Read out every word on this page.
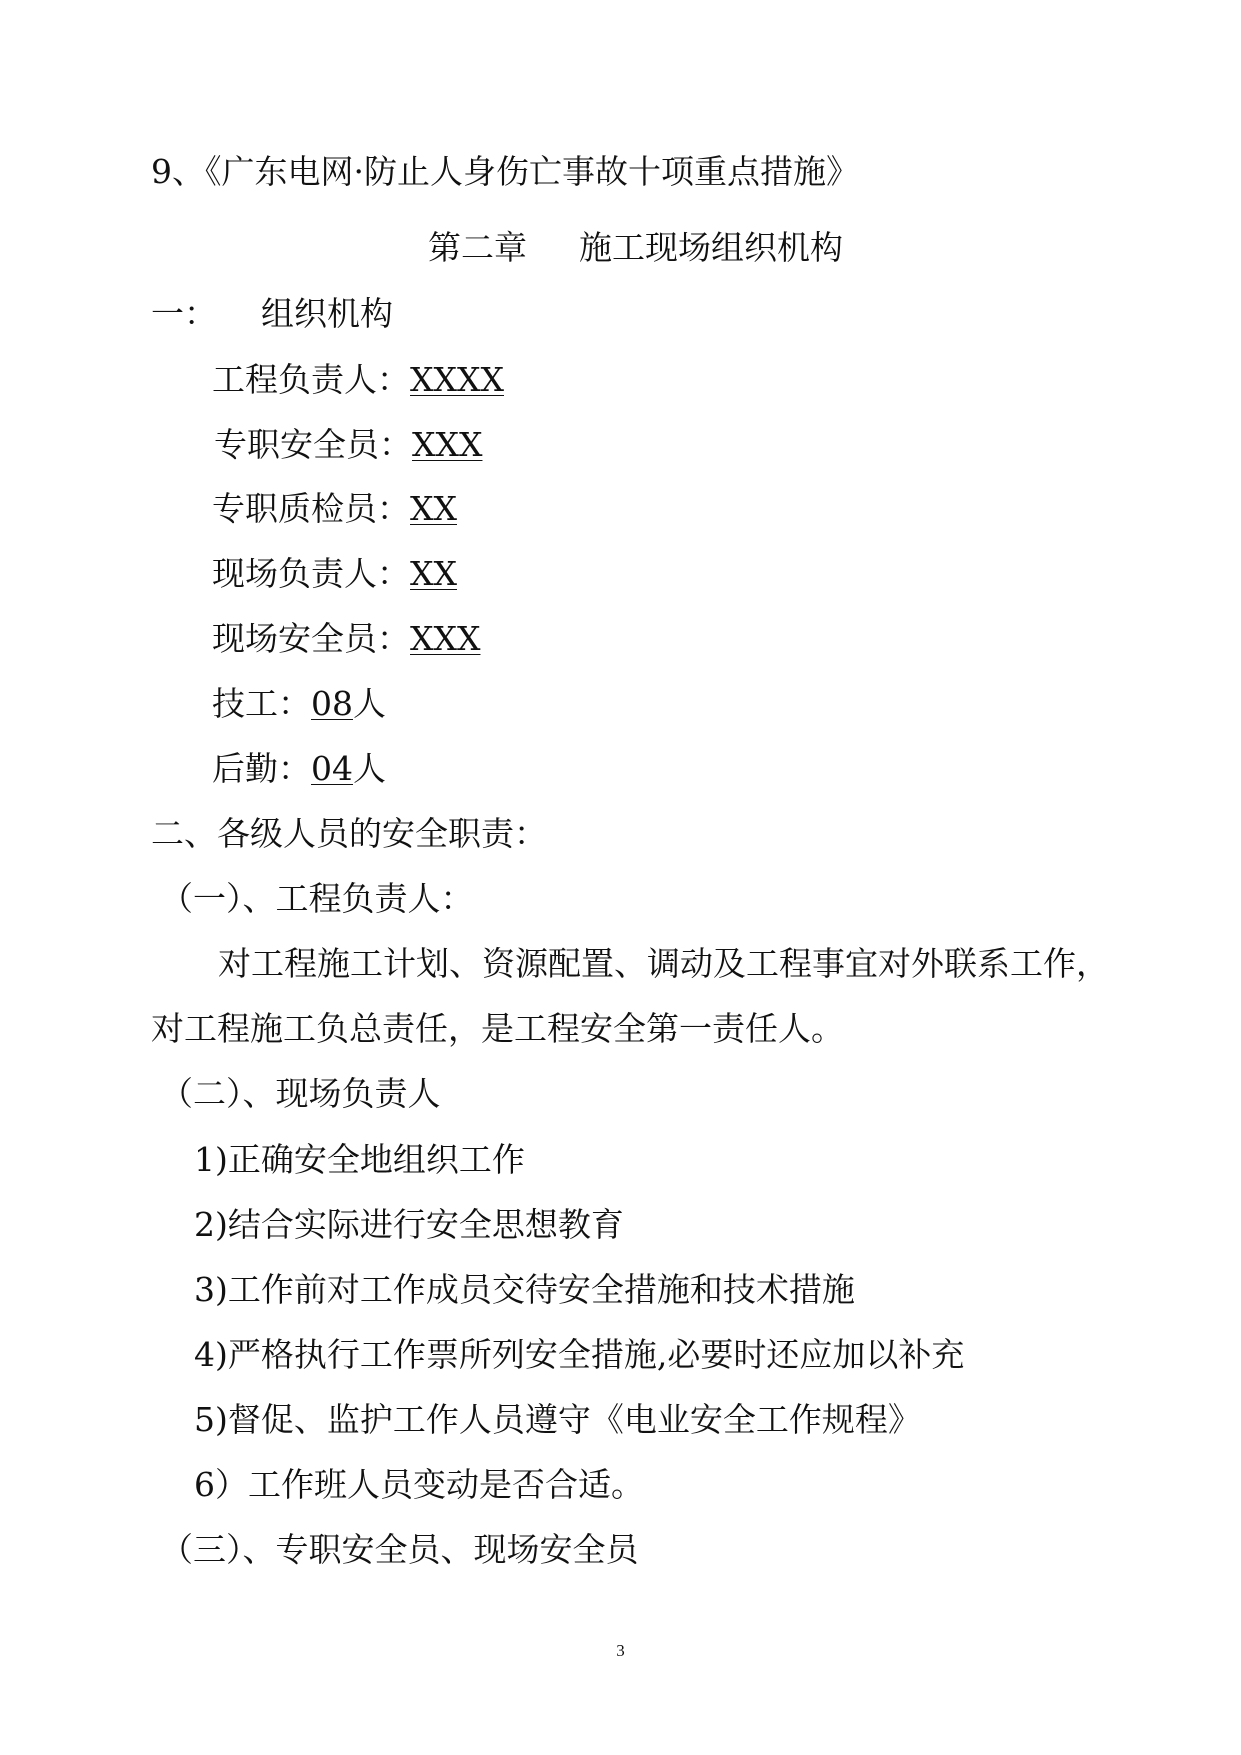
9、《广东电网·防止人身伤亡事故十项重点措施》
第二章 施工现场组织机构
一： 组织机构
工程负责人：XXXX
专职安全员：XXX
专职质检员：XX
现场负责人：XX
现场安全员：XXX
技工：08人
后勤：04人
二、各级人员的安全职责：
（一）、工程负责人：
对工程施工计划、资源配置、调动及工程事宜对外联系工作，
对工程施工负总责任，是工程安全第一责任人。
（二）、现场负责人
1)正确安全地组织工作
2)结合实际进行安全思想教育
3)工作前对工作成员交待安全措施和技术措施
4)严格执行工作票所列安全措施,必要时还应加以补充
5)督促、监护工作人员遵守《电业安全工作规程》
6）工作班人员变动是否合适。
（三）、专职安全员、现场安全员
3
